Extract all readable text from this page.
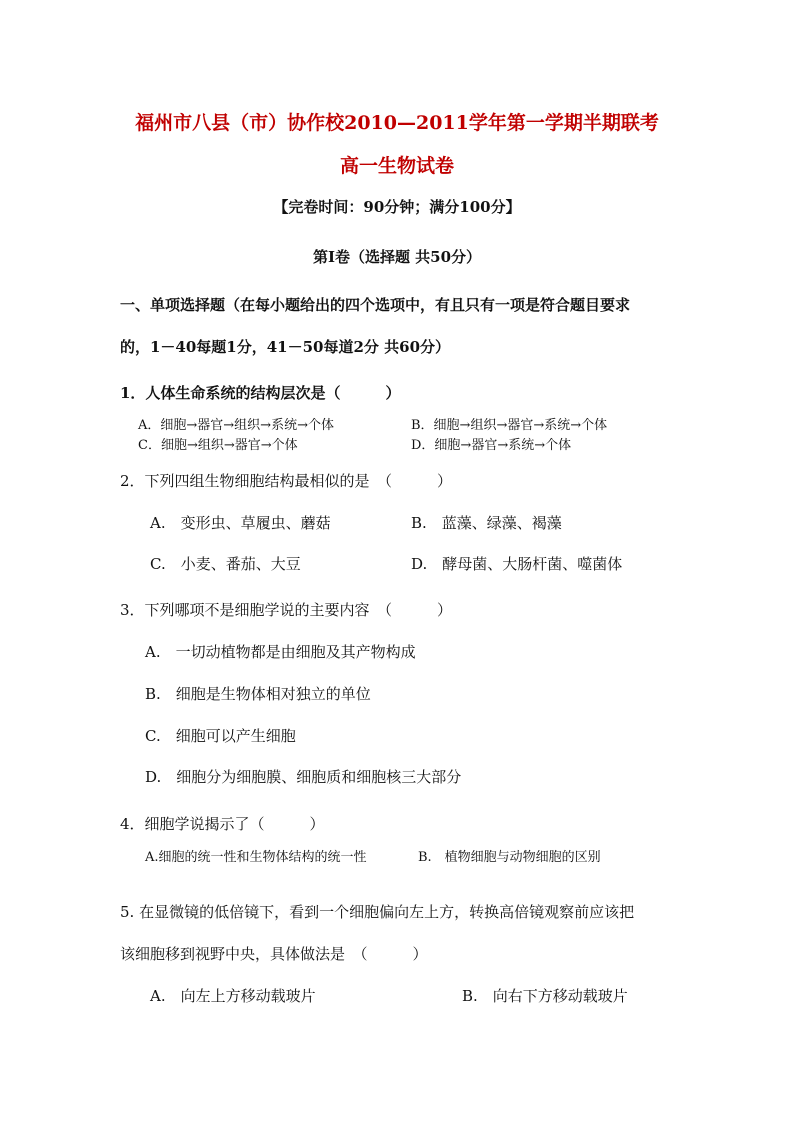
福州市八县（市）协作校2010—2011学年第一学期半期联考
高一生物试卷
【完卷时间：90分钟；满分100分】
第Ⅰ卷（选择题 共50分）
一、单项选择题（在每小题给出的四个选项中，有且只有一项是符合题目要求
的，1－40每题1分，41－50每道2分 共60分）
1．人体生命系统的结构层次是（　　　）
A．细胞→器官→组织→系统→个体	B．细胞→组织→器官→系统→个体
C．细胞→组织→器官→个体	D．细胞→器官→系统→个体
2．下列四组生物细胞结构最相似的是　（　　　）
A.　变形虫、草履虫、蘑菇	B.　蓝藻、绿藻、褐藻
C.　小麦、番茄、大豆	D.　酵母菌、大肠杆菌、噬菌体
3．下列哪项不是细胞学说的主要内容　（　　　）
A.　一切动植物都是由细胞及其产物构成
B.　细胞是生物体相对独立的单位
C.　细胞可以产生细胞
D.　细胞分为细胞膜、细胞质和细胞核三大部分
4．细胞学说揭示了（　　　）
A.细胞的统一性和生物体结构的统一性	B.　植物细胞与动物细胞的区别
5. 在显微镜的低倍镜下，看到一个细胞偏向左上方，转换高倍镜观察前应该把
该细胞移到视野中央，具体做法是　（　　　）
A.　向左上方移动载玻片	B.　向右下方移动载玻片
